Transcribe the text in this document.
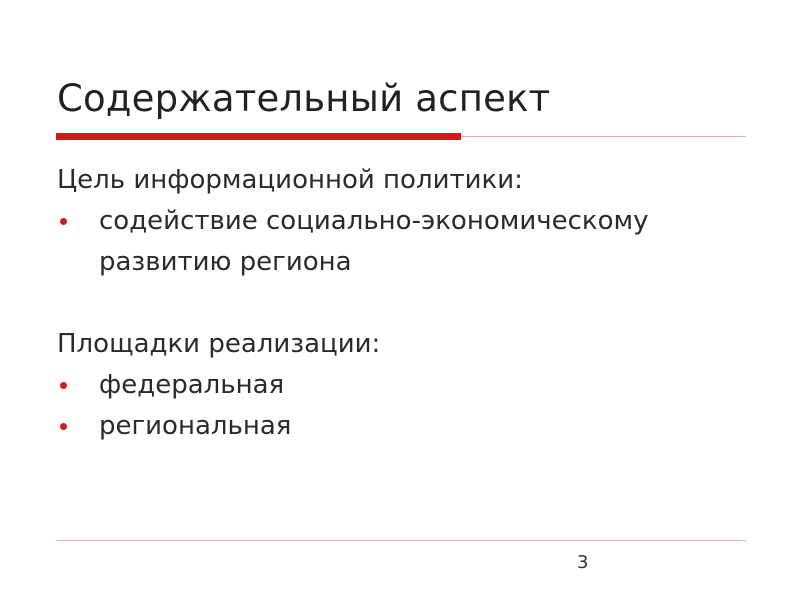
Содержательный аспект
Цель информационной политики:
содействие социально-экономическому развитию региона
Площадки реализации:
федеральная
региональная
3
